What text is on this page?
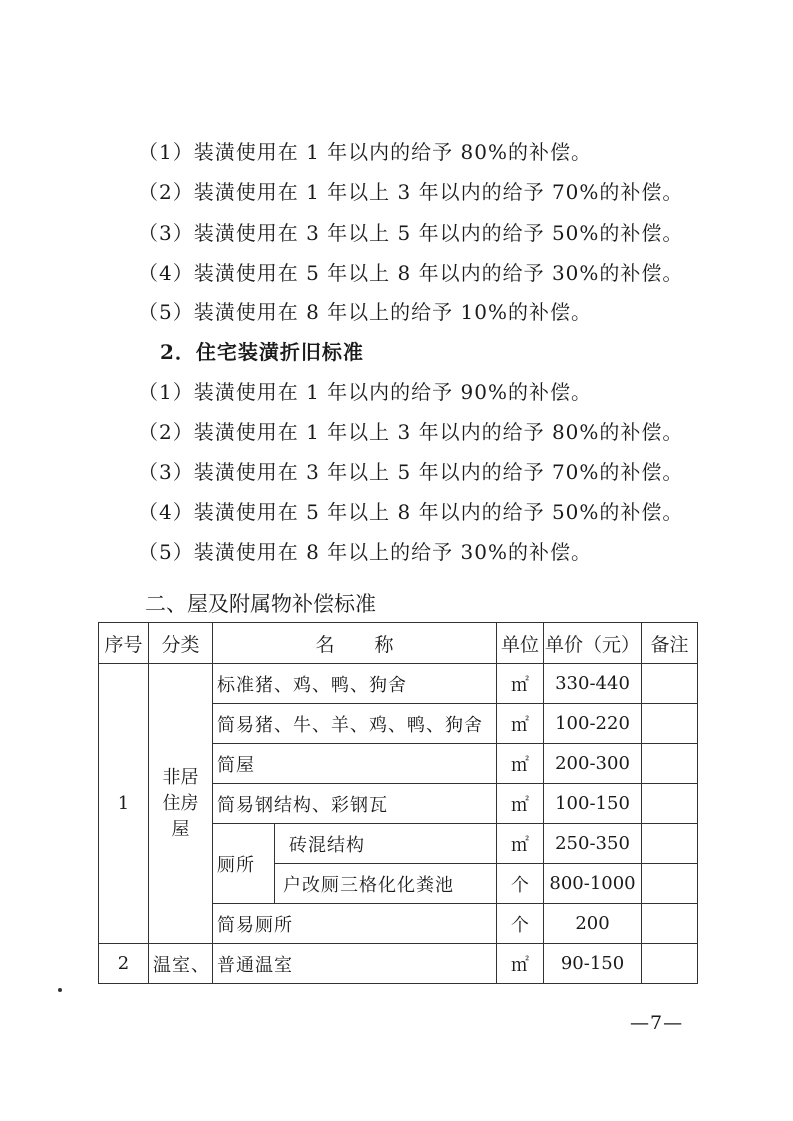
（1）装潢使用在 1 年以内的给予 80%的补偿。
（2）装潢使用在 1 年以上 3 年以内的给予 70%的补偿。
（3）装潢使用在 3 年以上 5 年以内的给予 50%的补偿。
（4）装潢使用在 5 年以上 8 年以内的给予 30%的补偿。
（5）装潢使用在 8 年以上的给予 10%的补偿。
2．住宅装潢折旧标准
（1）装潢使用在 1 年以内的给予 90%的补偿。
（2）装潢使用在 1 年以上 3 年以内的给予 80%的补偿。
（3）装潢使用在 3 年以上 5 年以内的给予 70%的补偿。
（4）装潢使用在 5 年以上 8 年以内的给予 50%的补偿。
（5）装潢使用在 8 年以上的给予 30%的补偿。
二、屋及附属物补偿标准
序号	分类	名称		单位	单价（元）	备注
1	非居住房屋	标准猪、鸡、鸭、狗舍		㎡	330-440	
		简易猪、牛、羊、鸡、鸭、狗舍		㎡	100-220	
		简屋		㎡	200-300	
		简易钢结构、彩钢瓦		㎡	100-150	
		厕所	砖混结构	㎡	250-350	
			户改厕三格化化粪池	个	800-1000	
		简易厕所		个	200	
2	温室、	普通温室		㎡	90-150	
—7—
